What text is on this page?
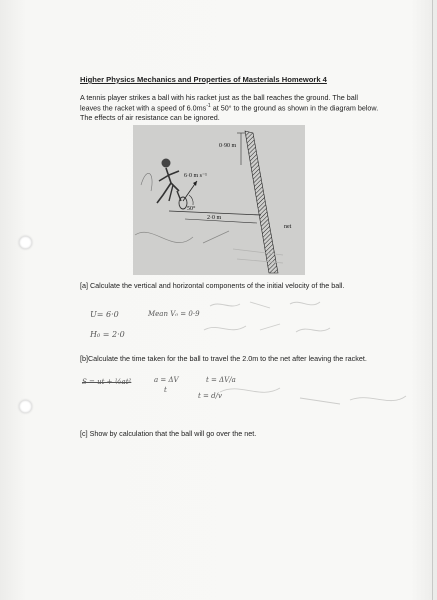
Higher Physics Mechanics and Properties of Masterials Homework 4
A tennis player strikes a ball with his racket just as the ball reaches the ground. The ball leaves the racket with a speed of $6.0ms^{-1}$ at 50° to the ground as shown in the diagram below. The effects of air resistance can be ignored.
0·90 m
6·0 m s⁻¹
50°
2·0 m
net
[a] Calculate the vertical and horizontal components of the initial velocity of the ball.
U= 6·0	Mean V₀ = 0·9
H₀ = 2·0
[b]Calculate the time taken for the ball to travel the 2.0m to the net after leaving the racket.
S = ut + ½at²	a = ΔV
t
t = ΔV/a
t = d/v
[c] Show by calculation that the ball will go over the net.
